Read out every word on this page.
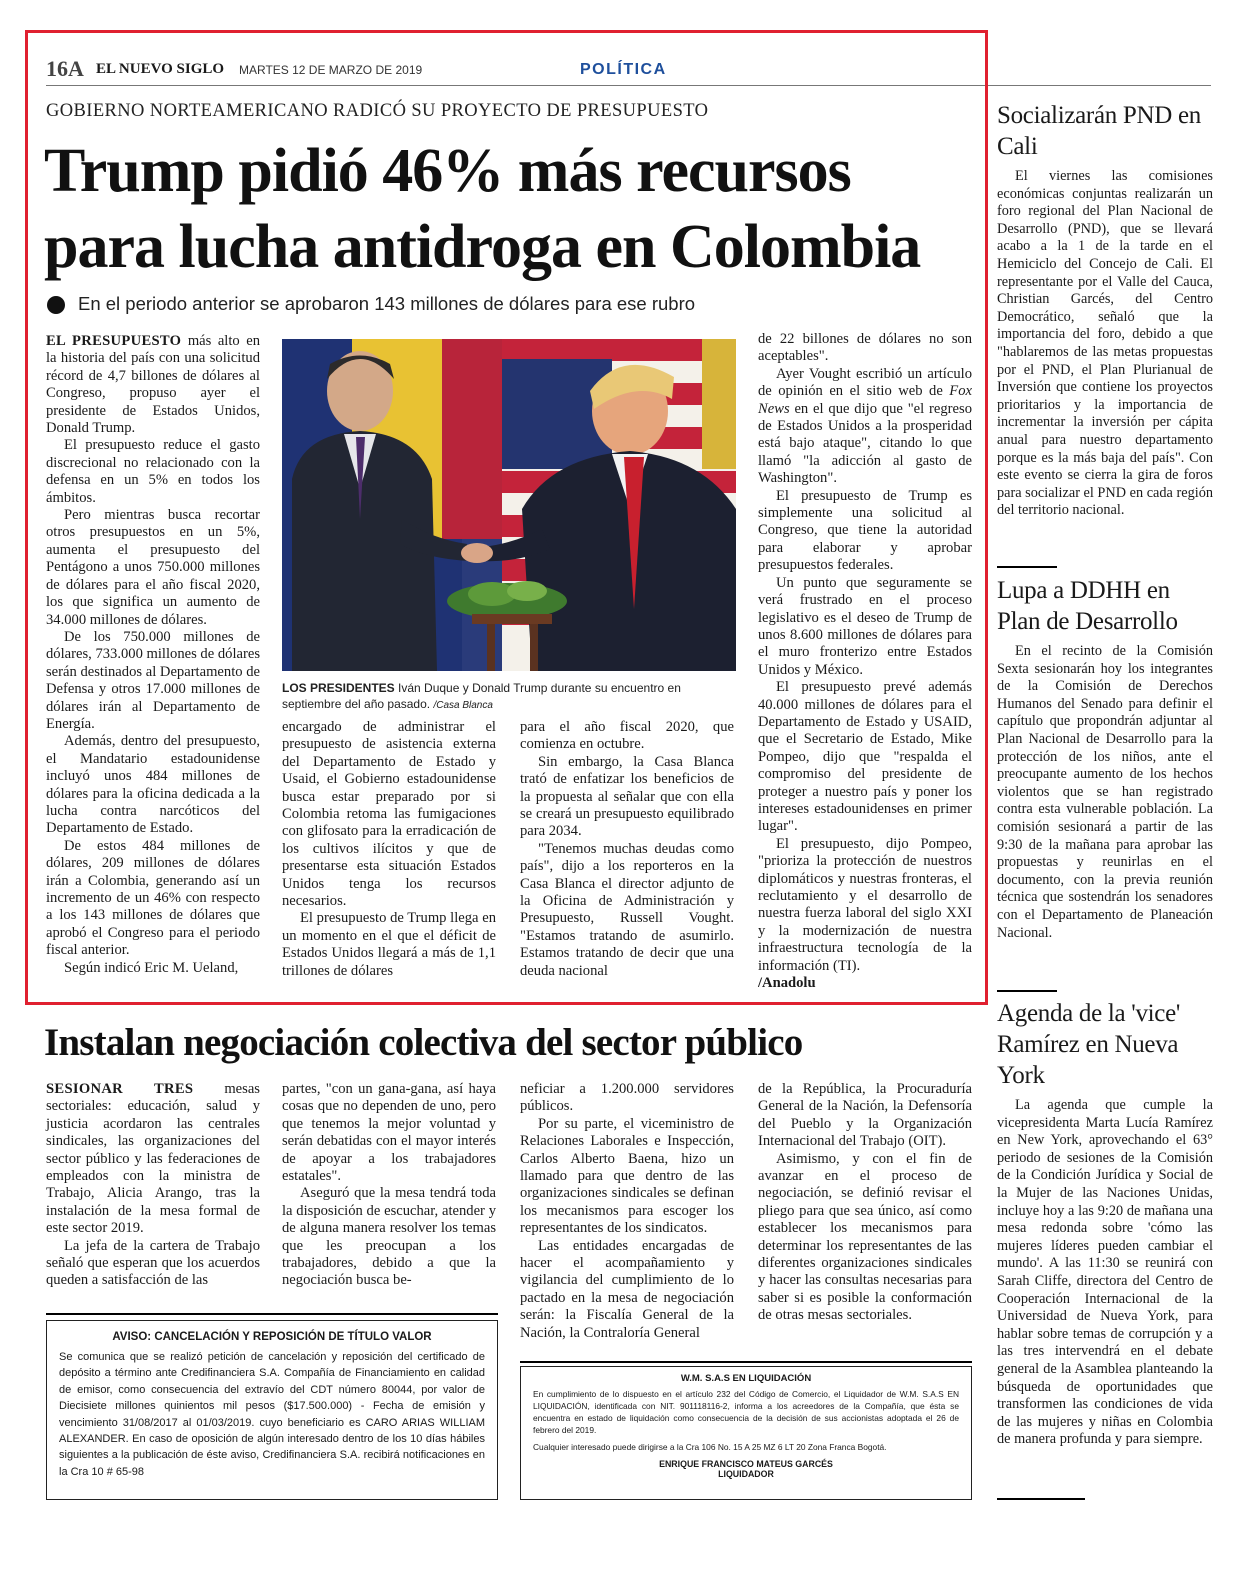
16A EL NUEVO SIGLO MARTES 12 DE MARZO DE 2019	POLÍTICA
GOBIERNO NORTEAMERICANO RADICÓ SU PROYECTO DE PRESUPUESTO
Trump pidió 46% más recursos
para lucha antidroga en Colombia
En el periodo anterior se aprobaron 143 millones de dólares para ese rubro

EL PRESUPUESTO más alto en la historia del país con una solicitud récord de 4,7 billones de dólares al Congreso, propuso ayer el presidente de Estados Unidos, Donald Trump.

El presupuesto reduce el gasto discrecional no relacionado con la defensa en un 5% en todos los ámbitos.

Pero mientras busca recortar otros presupuestos en un 5%, aumenta el presupuesto del Pentágono a unos 750.000 millones de dólares para el año fiscal 2020, los que significa un aumento de 34.000 millones de dólares.

De los 750.000 millones de dólares, 733.000 millones de dólares serán destinados al Departamento de Defensa y otros 17.000 millones de dólares irán al Departamento de Energía.

Además, dentro del presupuesto, el Mandatario estadounidense incluyó unos 484 millones de dólares para la oficina dedicada a la lucha contra narcóticos del Departamento de Estado.

De estos 484 millones de dólares, 209 millones de dólares irán a Colombia, generando así un incremento de un 46% con respecto a los 143 millones de dólares que aprobó el Congreso para el periodo fiscal anterior.

Según indicó Eric M. Ueland,

LOS PRESIDENTES Iván Duque y Donald Trump durante su encuentro en septiembre del año pasado. /Casa Blanca

encargado de administrar el presupuesto de asistencia externa del Departamento de Estado y Usaid, el Gobierno estadounidense busca estar preparado por si Colombia retoma las fumigaciones con glifosato para la erradicación de los cultivos ilícitos y que de presentarse esta situación Estados Unidos tenga los recursos necesarios.

El presupuesto de Trump llega en un momento en el que el déficit de Estados Unidos llegará a más de 1,1 trillones de dólares

para el año fiscal 2020, que comienza en octubre.

Sin embargo, la Casa Blanca trató de enfatizar los beneficios de la propuesta al señalar que con ella se creará un presupuesto equilibrado para 2034.

"Tenemos muchas deudas como país", dijo a los reporteros en la Casa Blanca el director adjunto de la Oficina de Administración y Presupuesto, Russell Vought. "Estamos tratando de asumirlo. Estamos tratando de decir que una deuda nacional

de 22 billones de dólares no son aceptables".

Ayer Vought escribió un artículo de opinión en el sitio web de Fox News en el que dijo que "el regreso de Estados Unidos a la prosperidad está bajo ataque", citando lo que llamó "la adicción al gasto de Washington".

El presupuesto de Trump es simplemente una solicitud al Congreso, que tiene la autoridad para elaborar y aprobar presupuestos federales.

Un punto que seguramente se verá frustrado en el proceso legislativo es el deseo de Trump de unos 8.600 millones de dólares para el muro fronterizo entre Estados Unidos y México.

El presupuesto prevé además 40.000 millones de dólares para el Departamento de Estado y USAID, que el Secretario de Estado, Mike Pompeo, dijo que "respalda el compromiso del presidente de proteger a nuestro país y poner los intereses estadounidenses en primer lugar".

El presupuesto, dijo Pompeo, "prioriza la protección de nuestros diplomáticos y nuestras fronteras, el reclutamiento y el desarrollo de nuestra fuerza laboral del siglo XXI y la modernización de nuestra infraestructura tecnología de la información (TI).

/Anadolu

Instalan negociación colectiva del sector público

SESIONAR TRES mesas sectoriales: educación, salud y justicia acordaron las centrales sindicales, las organizaciones del sector público y las federaciones de empleados con la ministra de Trabajo, Alicia Arango, tras la instalación de la mesa formal de este sector 2019.

La jefa de la cartera de Trabajo señaló que esperan que los acuerdos queden a satisfacción de las

partes, "con un gana-gana, así haya cosas que no dependen de uno, pero que tenemos la mejor voluntad y serán debatidas con el mayor interés de apoyar a los trabajadores estatales".

Aseguró que la mesa tendrá toda la disposición de escuchar, atender y de alguna manera resolver los temas que les preocupan a los trabajadores, debido a que la negociación busca be-

neficiar a 1.200.000 servidores públicos.

Por su parte, el viceministro de Relaciones Laborales e Inspección, Carlos Alberto Baena, hizo un llamado para que dentro de las organizaciones sindicales se definan los mecanismos para escoger los representantes de los sindicatos.

Las entidades encargadas de hacer el acompañamiento y vigilancia del cumplimiento de lo pactado en la mesa de negociación serán: la Fiscalía General de la Nación, la Contraloría General

de la República, la Procuraduría General de la Nación, la Defensoría del Pueblo y la Organización Internacional del Trabajo (OIT).

Asimismo, y con el fin de avanzar en el proceso de negociación, se definió revisar el pliego para que sea único, así como establecer los mecanismos para determinar los representantes de las diferentes organizaciones sindicales y hacer las consultas necesarias para saber si es posible la conformación de otras mesas sectoriales.

AVISO: CANCELACIÓN Y REPOSICIÓN DE TÍTULO VALOR
Se comunica que se realizó petición de cancelación y reposición del certificado de depósito a término ante Credifinanciera S.A. Compañía de Financiamiento en calidad de emisor, como consecuencia del extravío del CDT número 80044, por valor de Diecisiete millones quinientos mil pesos ($17.500.000) - Fecha de emisión y vencimiento 31/08/2017 al 01/03/2019. cuyo beneficiario es CARO ARIAS WILLIAM ALEXANDER. En caso de oposición de algún interesado dentro de los 10 días hábiles siguientes a la publicación de éste aviso, Credifinanciera S.A. recibirá notificaciones en la Cra 10 # 65-98
W.M. S.A.S EN LIQUIDACIÓN
En cumplimiento de lo dispuesto en el artículo 232 del Código de Comercio, el Liquidador de W.M. S.A.S EN LIQUIDACIÓN, identificada con NIT. 901118116-2, informa a los acreedores de la Compañía, que ésta se encuentra en estado de liquidación como consecuencia de la decisión de sus accionistas adoptada el 26 de febrero del 2019.
Cualquier interesado puede dirigirse a la Cra 106 No. 15 A 25 MZ 6 LT 20 Zona Franca Bogotá.
ENRIQUE FRANCISCO MATEUS GARCÉS
LIQUIDADOR
Socializarán PND en Cali

El viernes las comisiones económicas conjuntas realizarán un foro regional del Plan Nacional de Desarrollo (PND), que se llevará acabo a la 1 de la tarde en el Hemiciclo del Concejo de Cali. El representante por el Valle del Cauca, Christian Garcés, del Centro Democrático, señaló que la importancia del foro, debido a que "hablaremos de las metas propuestas por el PND, el Plan Plurianual de Inversión que contiene los proyectos prioritarios y la importancia de incrementar la inversión per cápita anual para nuestro departamento porque es la más baja del país". Con este evento se cierra la gira de foros para socializar el PND en cada región del territorio nacional.

Lupa a DDHH en Plan de Desarrollo

En el recinto de la Comisión Sexta sesionarán hoy los integrantes de la Comisión de Derechos Humanos del Senado para definir el capítulo que propondrán adjuntar al Plan Nacional de Desarrollo para la protección de los niños, ante el preocupante aumento de los hechos violentos que se han registrado contra esta vulnerable población. La comisión sesionará a partir de las 9:30 de la mañana para aprobar las propuestas y reunirlas en el documento, con la previa reunión técnica que sostendrán los senadores con el Departamento de Planeación Nacional.

Agenda de la 'vice' Ramírez en Nueva York

La agenda que cumple la vicepresidenta Marta Lucía Ramírez en New York, aprovechando el 63° periodo de sesiones de la Comisión de la Condición Jurídica y Social de la Mujer de las Naciones Unidas, incluye hoy a las 9:20 de mañana una mesa redonda sobre 'cómo las mujeres líderes pueden cambiar el mundo'. A las 11:30 se reunirá con Sarah Cliffe, directora del Centro de Cooperación Internacional de la Universidad de Nueva York, para hablar sobre temas de corrupción y a las tres intervendrá en el debate general de la Asamblea planteando la búsqueda de oportunidades que transformen las condiciones de vida de las mujeres y niñas en Colombia de manera profunda y para siempre.
